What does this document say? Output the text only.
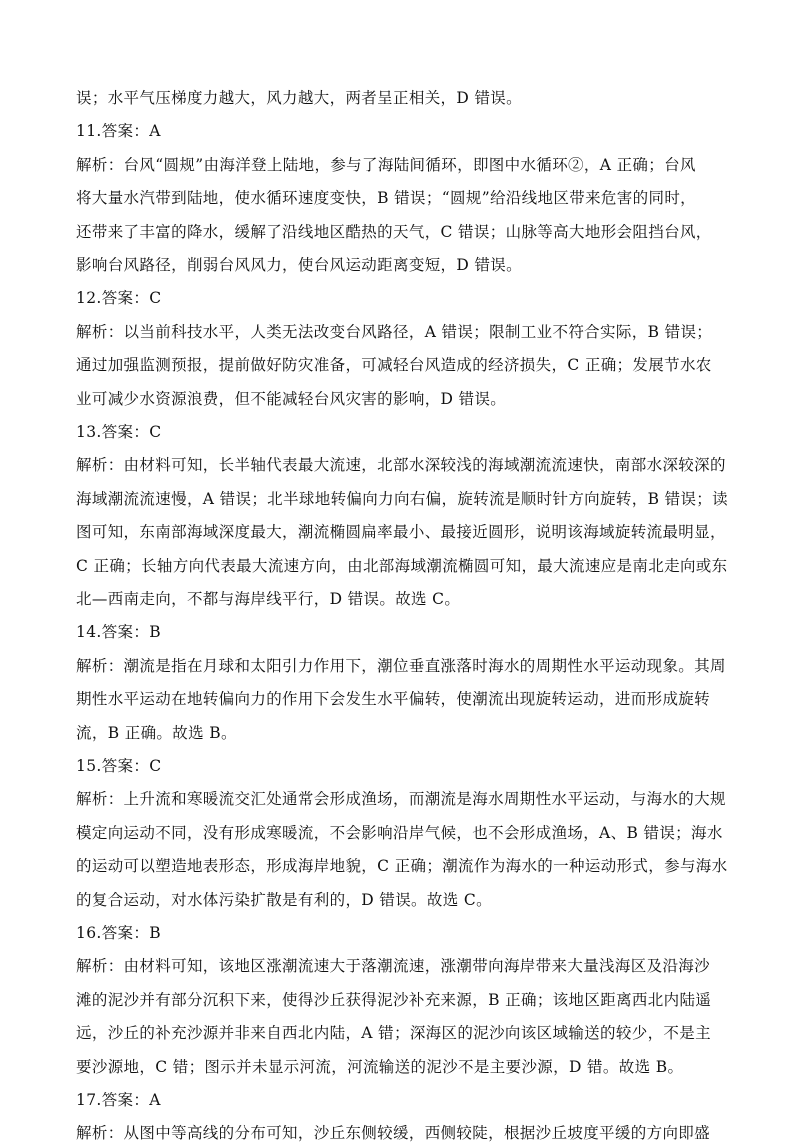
误；水平气压梯度力越大，风力越大，两者呈正相关，D 错误。
11.答案：A
解析：台风“圆规”由海洋登上陆地，参与了海陆间循环，即图中水循环②，A 正确；台风
将大量水汽带到陆地，使水循环速度变快，B 错误；“圆规”给沿线地区带来危害的同时，
还带来了丰富的降水，缓解了沿线地区酷热的天气，C 错误；山脉等高大地形会阻挡台风，
影响台风路径，削弱台风风力，使台风运动距离变短，D 错误。
12.答案：C
解析：以当前科技水平，人类无法改变台风路径，A 错误；限制工业不符合实际，B 错误；
通过加强监测预报，提前做好防灾准备，可减轻台风造成的经济损失，C 正确；发展节水农
业可减少水资源浪费，但不能减轻台风灾害的影响，D 错误。
13.答案：C
解析：由材料可知，长半轴代表最大流速，北部水深较浅的海域潮流流速快，南部水深较深的
海域潮流流速慢，A 错误；北半球地转偏向力向右偏，旋转流是顺时针方向旋转，B 错误；读
图可知，东南部海域深度最大，潮流椭圆扁率最小、最接近圆形，说明该海域旋转流最明显，
C 正确；长轴方向代表最大流速方向，由北部海域潮流椭圆可知，最大流速应是南北走向或东
北—西南走向，不都与海岸线平行，D 错误。故选 C。
14.答案：B
解析：潮流是指在月球和太阳引力作用下，潮位垂直涨落时海水的周期性水平运动现象。其周
期性水平运动在地转偏向力的作用下会发生水平偏转，使潮流出现旋转运动，进而形成旋转
流，B 正确。故选 B。
15.答案：C
解析：上升流和寒暖流交汇处通常会形成渔场，而潮流是海水周期性水平运动，与海水的大规
模定向运动不同，没有形成寒暖流，不会影响沿岸气候，也不会形成渔场，A、B 错误；海水
的运动可以塑造地表形态，形成海岸地貌，C 正确；潮流作为海水的一种运动形式，参与海水
的复合运动，对水体污染扩散是有利的，D 错误。故选 C。
16.答案：B
解析：由材料可知，该地区涨潮流速大于落潮流速，涨潮带向海岸带来大量浅海区及沿海沙
滩的泥沙并有部分沉积下来，使得沙丘获得泥沙补充来源，B 正确；该地区距离西北内陆遥
远，沙丘的补充沙源并非来自西北内陆，A 错；深海区的泥沙向该区域输送的较少，不是主
要沙源地，C 错；图示并未显示河流，河流输送的泥沙不是主要沙源，D 错。故选 B。
17.答案：A
解析：从图中等高线的分布可知，沙丘东侧较缓，西侧较陡，根据沙丘坡度平缓的方向即盛
